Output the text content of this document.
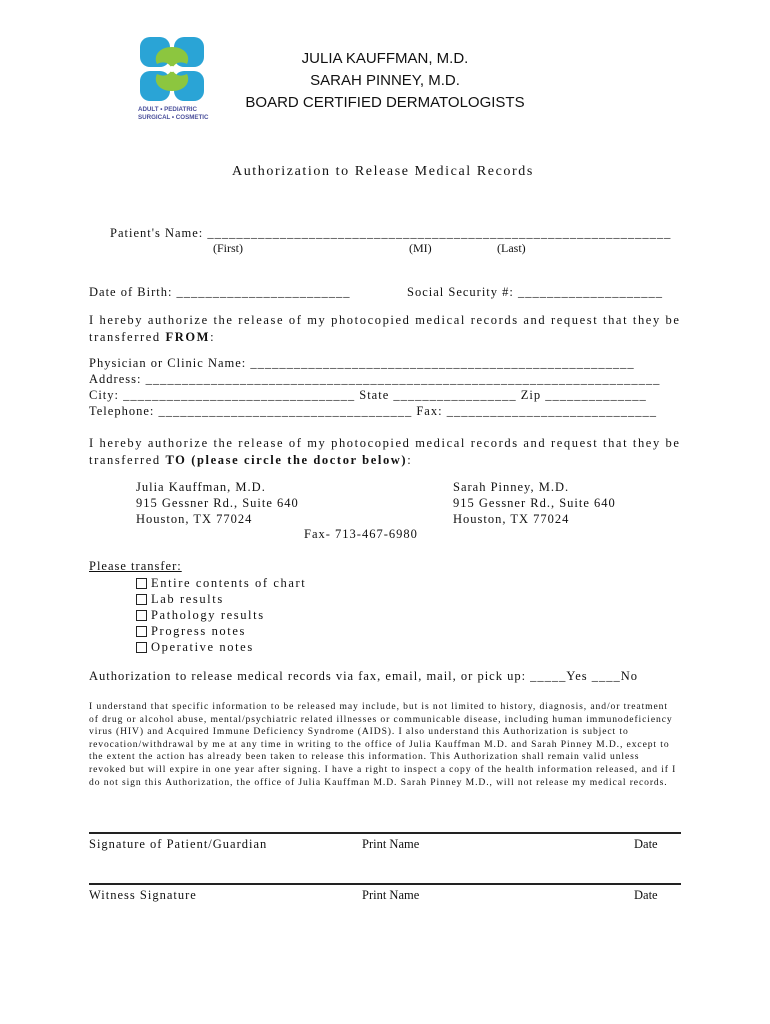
ADULT • PEDIATRIC
SURGICAL • COSMETIC
JULIA KAUFFMAN, M.D.
SARAH PINNEY, M.D.
BOARD CERTIFIED DERMATOLOGISTS
Authorization to Release Medical Records
Patient's Name: ________________________________________________________________
(First)	(MI)	(Last)
Date of Birth: ________________________	Social Security #: ____________________
I hereby authorize the release of my photocopied medical records and request that they be
transferred FROM:
Physician or Clinic Name: _____________________________________________________
Address: _______________________________________________________________________
City: ________________________________ State _________________ Zip ______________
Telephone: ___________________________________ Fax: _____________________________
I hereby authorize the release of my photocopied medical records and request that they be
transferred TO (please circle the doctor below):
Julia Kauffman, M.D.
915 Gessner Rd., Suite 640
Houston, TX 77024
Sarah Pinney, M.D.
915 Gessner Rd., Suite 640
Houston, TX 77024
Fax- 713-467-6980
Please transfer:
Entire contents of chart
Lab results
Pathology results
Progress notes
Operative notes
Authorization to release medical records via fax, email, mail, or pick up: _____Yes ____No
I understand that specific information to be released may include, but is not limited to history, diagnosis, and/or treatment of drug or alcohol abuse, mental/psychiatric related illnesses or communicable disease, including human immunodeficiency virus (HIV) and Acquired Immune Deficiency Syndrome (AIDS). I also understand this Authorization is subject to revocation/withdrawal by me at any time in writing to the office of Julia Kauffman M.D. and Sarah Pinney M.D., except to the extent the action has already been taken to release this information. This Authorization shall remain valid unless revoked but will expire in one year after signing. I have a right to inspect a copy of the health information released, and if I do not sign this Authorization, the office of Julia Kauffman M.D. Sarah Pinney M.D., will not release my medical records.
Signature of Patient/Guardian	Print Name	Date
Witness Signature	Print Name	Date
